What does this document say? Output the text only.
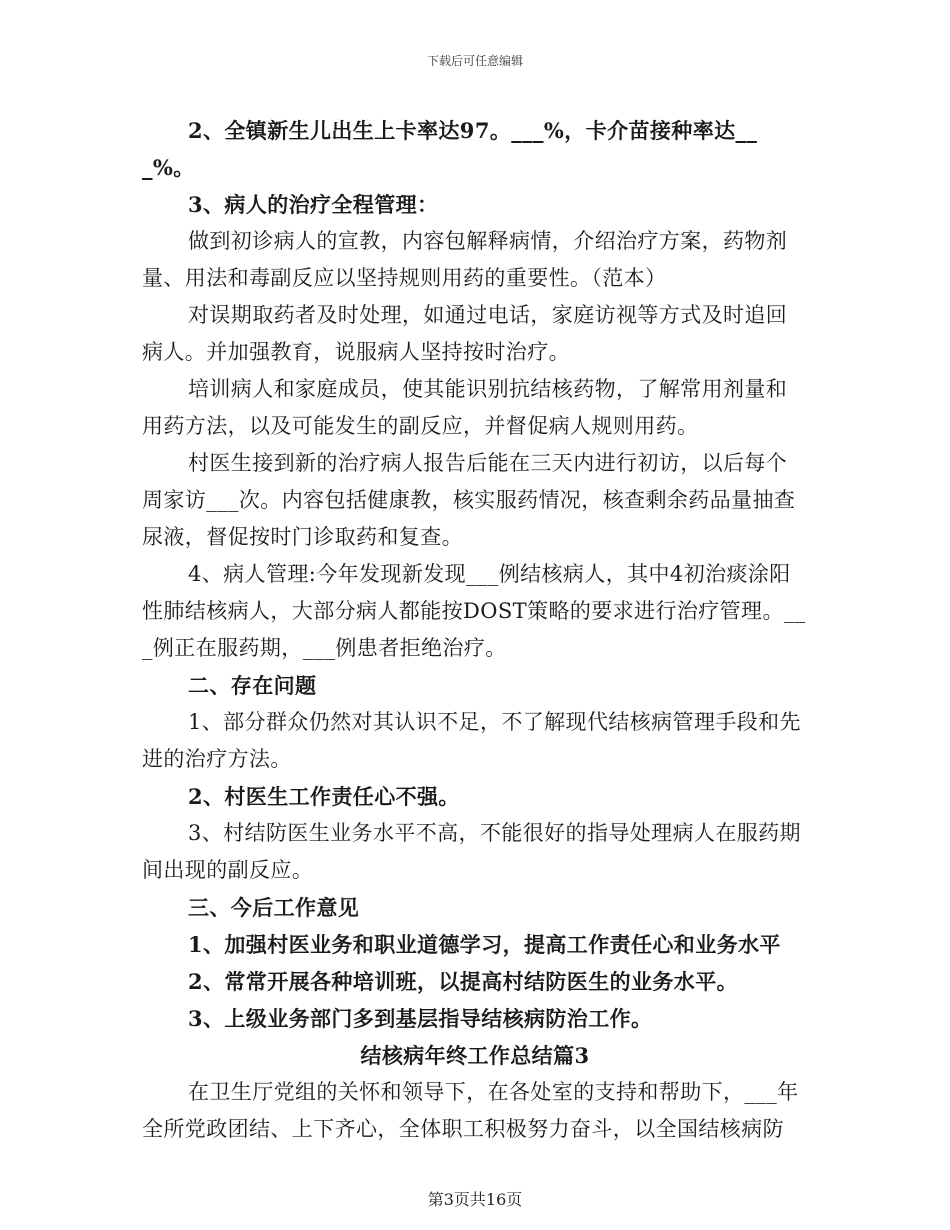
下载后可任意编辑

2、全镇新生儿出生上卡率达97。___%，卡介苗接种率达___%。

3、病人的治疗全程管理：

做到初诊病人的宣教，内容包解释病情，介绍治疗方案，药物剂量、用法和毒副反应以坚持规则用药的重要性。（范本）

对误期取药者及时处理，如通过电话，家庭访视等方式及时追回病人。并加强教育，说服病人坚持按时治疗。

培训病人和家庭成员，使其能识别抗结核药物，了解常用剂量和用药方法，以及可能发生的副反应，并督促病人规则用药。

村医生接到新的治疗病人报告后能在三天内进行初访，以后每个周家访___次。内容包括健康教，核实服药情况，核查剩余药品量抽查尿液，督促按时门诊取药和复查。

4、病人管理:今年发现新发现___例结核病人，其中4初治痰涂阳性肺结核病人，大部分病人都能按DOST策略的要求进行治疗管理。___例正在服药期，___例患者拒绝治疗。

二、存在问题

1、部分群众仍然对其认识不足，不了解现代结核病管理手段和先进的治疗方法。

2、村医生工作责任心不强。

3、村结防医生业务水平不高，不能很好的指导处理病人在服药期间出现的副反应。

三、今后工作意见

1、加强村医业务和职业道德学习，提高工作责任心和业务水平

2、常常开展各种培训班，以提高村结防医生的业务水平。

3、上级业务部门多到基层指导结核病防治工作。

结核病年终工作总结篇3

在卫生厅党组的关怀和领导下，在各处室的支持和帮助下，___年全所党政团结、上下齐心，全体职工积极努力奋斗，以全国结核病防

第3页共16页
